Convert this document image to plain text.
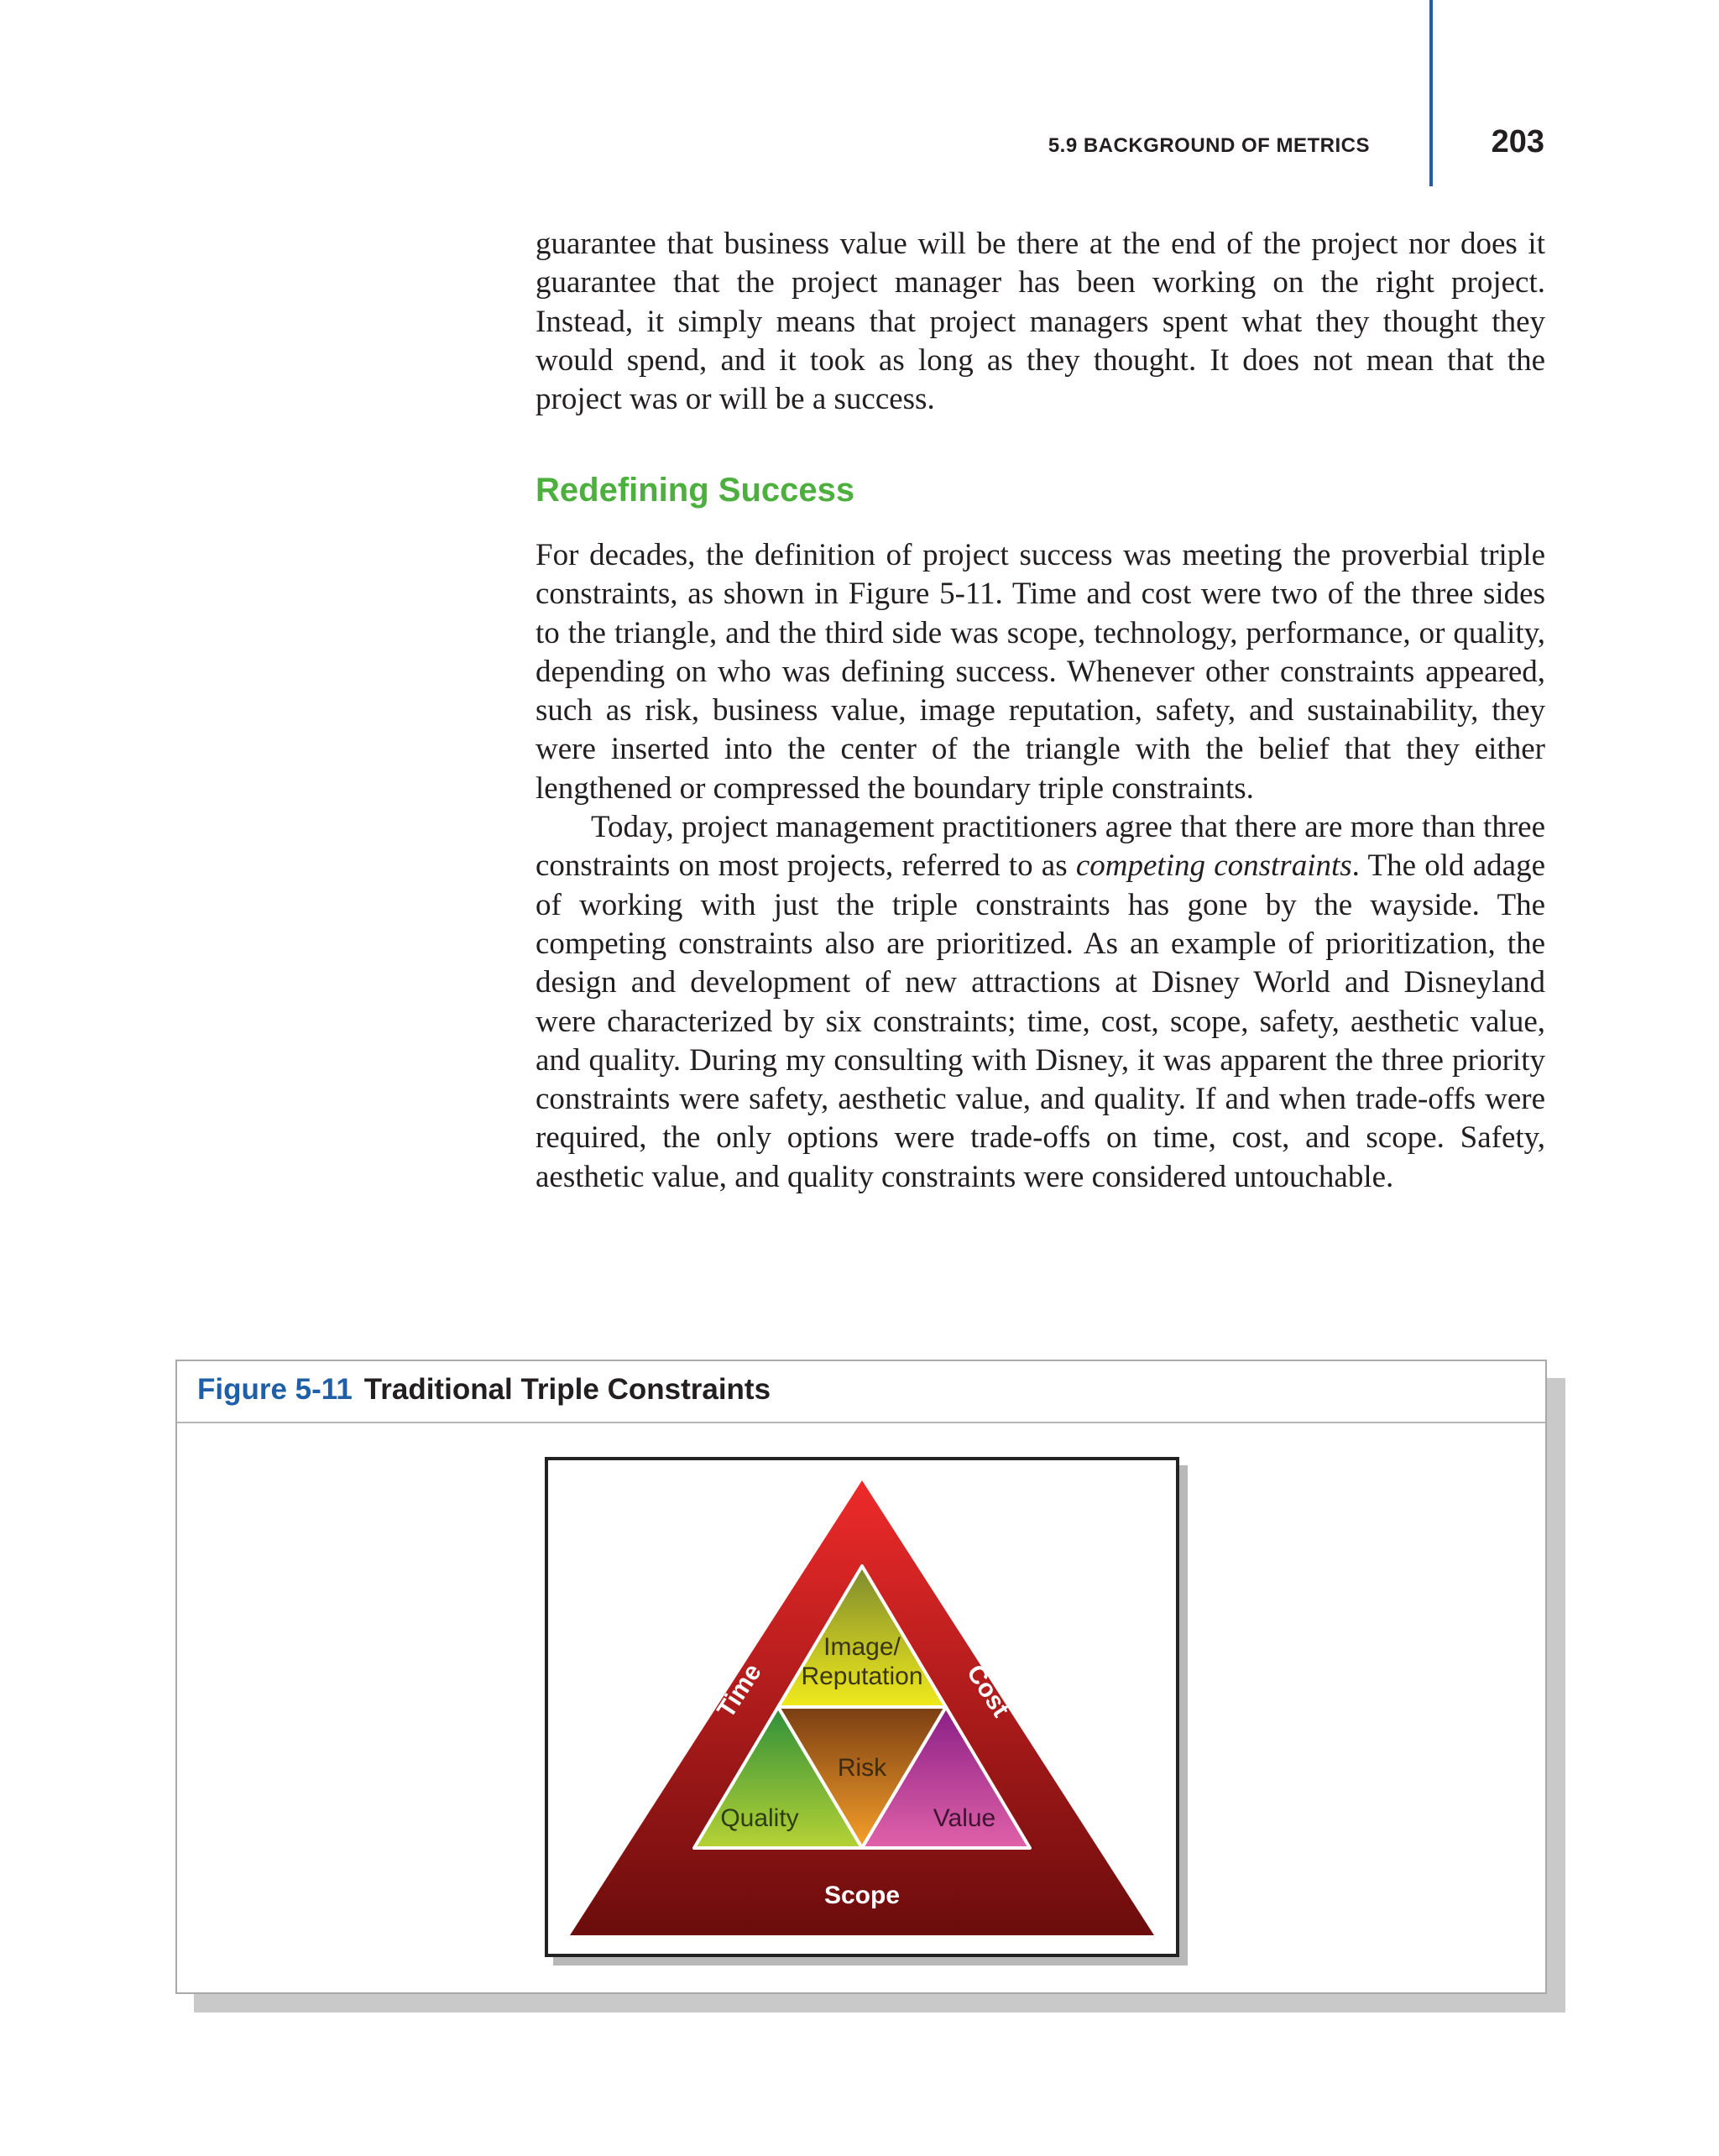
5.9 BACKGROUND OF METRICS	203

guarantee that business value will be there at the end of the project nor does it guarantee that the project manager has been working on the right project. Instead, it simply means that project managers spent what they thought they would spend, and it took as long as they thought. It does not mean that the project was or will be a success.

Redefining Success

For decades, the definition of project success was meeting the proverbial triple constraints, as shown in Figure 5-11. Time and cost were two of the three sides to the triangle, and the third side was scope, technology, performance, or quality, depending on who was defining success. Whenever other constraints appeared, such as risk, business value, image reputation, safety, and sustainability, they were inserted into the center of the triangle with the belief that they either lengthened or compressed the boundary triple constraints.

Today, project management practitioners agree that there are more than three constraints on most projects, referred to as competing constraints. The old adage of working with just the triple constraints has gone by the wayside. The competing constraints also are prioritized. As an example of prioritization, the design and development of new attractions at Disney World and Disneyland were characterized by six constraints; time, cost, scope, safety, aesthetic value, and quality. During my consulting with Disney, it was apparent the three priority constraints were safety, aesthetic value, and quality. If and when trade-offs were required, the only options were trade-offs on time, cost, and scope. Safety, aesthetic value, and quality constraints were considered untouchable.

Figure 5-11 Traditional Triple Constraints
Image/
Reputation
Risk
Quality	Value
Scope
Time	Cost
